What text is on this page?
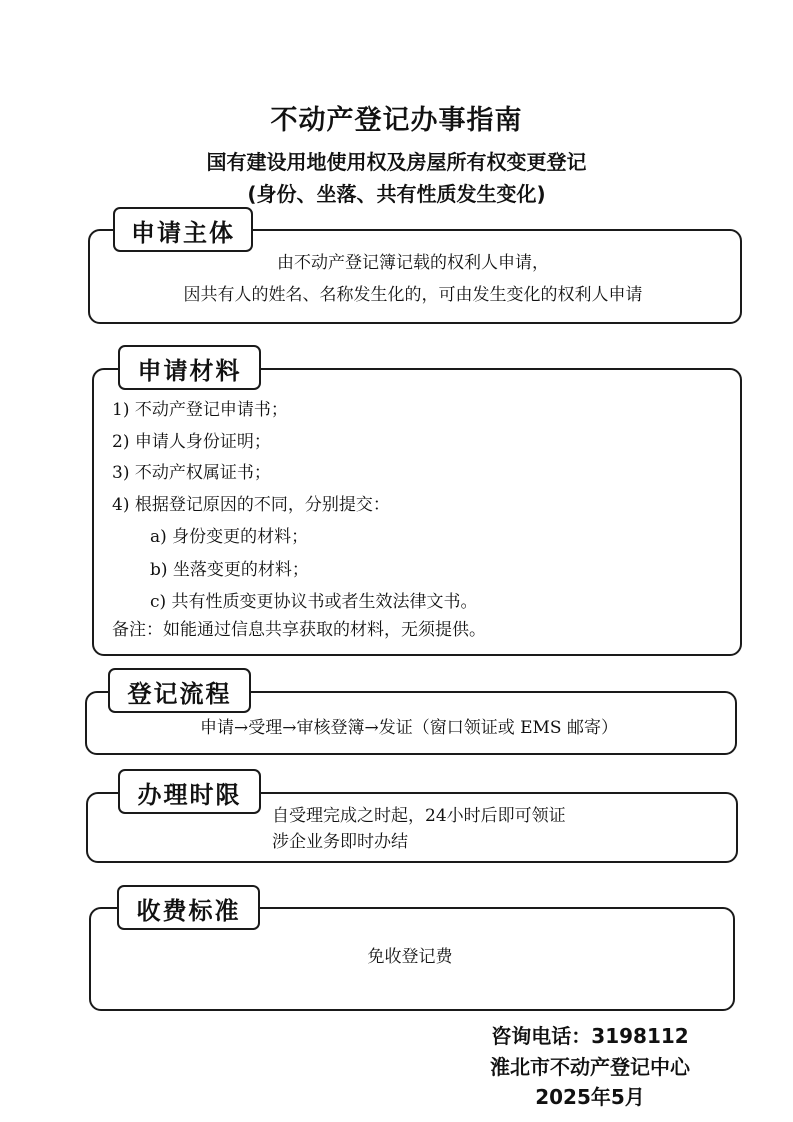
不动产登记办事指南
国有建设用地使用权及房屋所有权变更登记
(身份、坐落、共有性质发生变化)
申请主体
由不动产登记簿记载的权利人申请，
因共有人的姓名、名称发生化的，可由发生变化的权利人申请
申请材料
1) 不动产登记申请书；
2) 申请人身份证明；
3) 不动产权属证书；
4) 根据登记原因的不同，分别提交：
a) 身份变更的材料；
b) 坐落变更的材料；
c) 共有性质变更协议书或者生效法律文书。
备注：如能通过信息共享获取的材料，无须提供。
登记流程
申请→受理→审核登簿→发证（窗口领证或 EMS 邮寄）
办理时限
自受理完成之时起，24小时后即可领证
涉企业务即时办结
收费标准
免收登记费
咨询电话：3198112
淮北市不动产登记中心
2025年5月
